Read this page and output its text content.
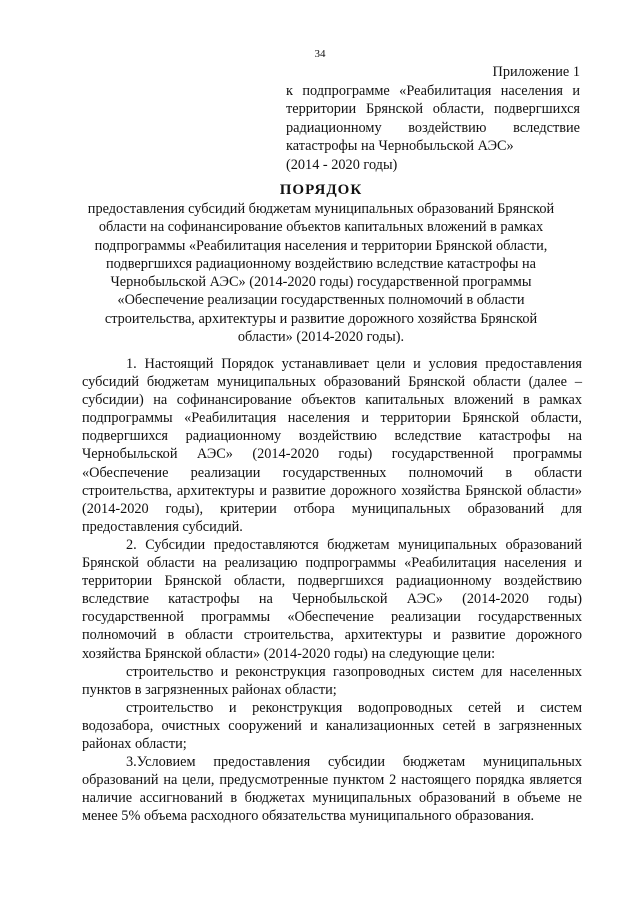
34
Приложение 1
к подпрограмме «Реабилитация населения и
территории Брянской области, подвергшихся
радиационному воздействию вследствие
катастрофы на Чернобыльской АЭС»
(2014 - 2020 годы)
ПОРЯДОК
предоставления субсидий бюджетам муниципальных образований Брянской
области на софинансирование объектов капитальных вложений в рамках
подпрограммы «Реабилитация населения и территории Брянской области,
подвергшихся радиационному воздействию вследствие катастрофы на
Чернобыльской АЭС» (2014-2020 годы) государственной программы
«Обеспечение реализации государственных полномочий в области
строительства, архитектуры и развитие дорожного хозяйства Брянской
области» (2014-2020 годы).

1. Настоящий Порядок устанавливает цели и условия предоставления субсидий бюджетам муниципальных образований Брянской области (далее – субсидии) на софинансирование объектов капитальных вложений в рамках подпрограммы «Реабилитация населения и территории Брянской области, подвергшихся радиационному воздействию вследствие катастрофы на Чернобыльской АЭС» (2014-2020 годы) государственной программы «Обеспечение реализации государственных полномочий в области строительства, архитектуры и развитие дорожного хозяйства Брянской области» (2014-2020 годы), критерии отбора муниципальных образований для предоставления субсидий.

2. Субсидии предоставляются бюджетам муниципальных образований Брянской области на реализацию подпрограммы «Реабилитация населения и территории Брянской области, подвергшихся радиационному воздействию вследствие катастрофы на Чернобыльской АЭС» (2014-2020 годы) государственной программы «Обеспечение реализации государственных полномочий в области строительства, архитектуры и развитие дорожного хозяйства Брянской области» (2014-2020 годы) на следующие цели:

строительство и реконструкция газопроводных систем для населенных пунктов в загрязненных районах области;

строительство и реконструкция водопроводных сетей и систем водозабора, очистных сооружений и канализационных сетей в загрязненных районах области;

3.Условием предоставления субсидии бюджетам муниципальных образований на цели, предусмотренные пунктом 2 настоящего порядка является наличие ассигнований в бюджетах муниципальных образований в объеме не менее 5% объема расходного обязательства муниципального образования.
